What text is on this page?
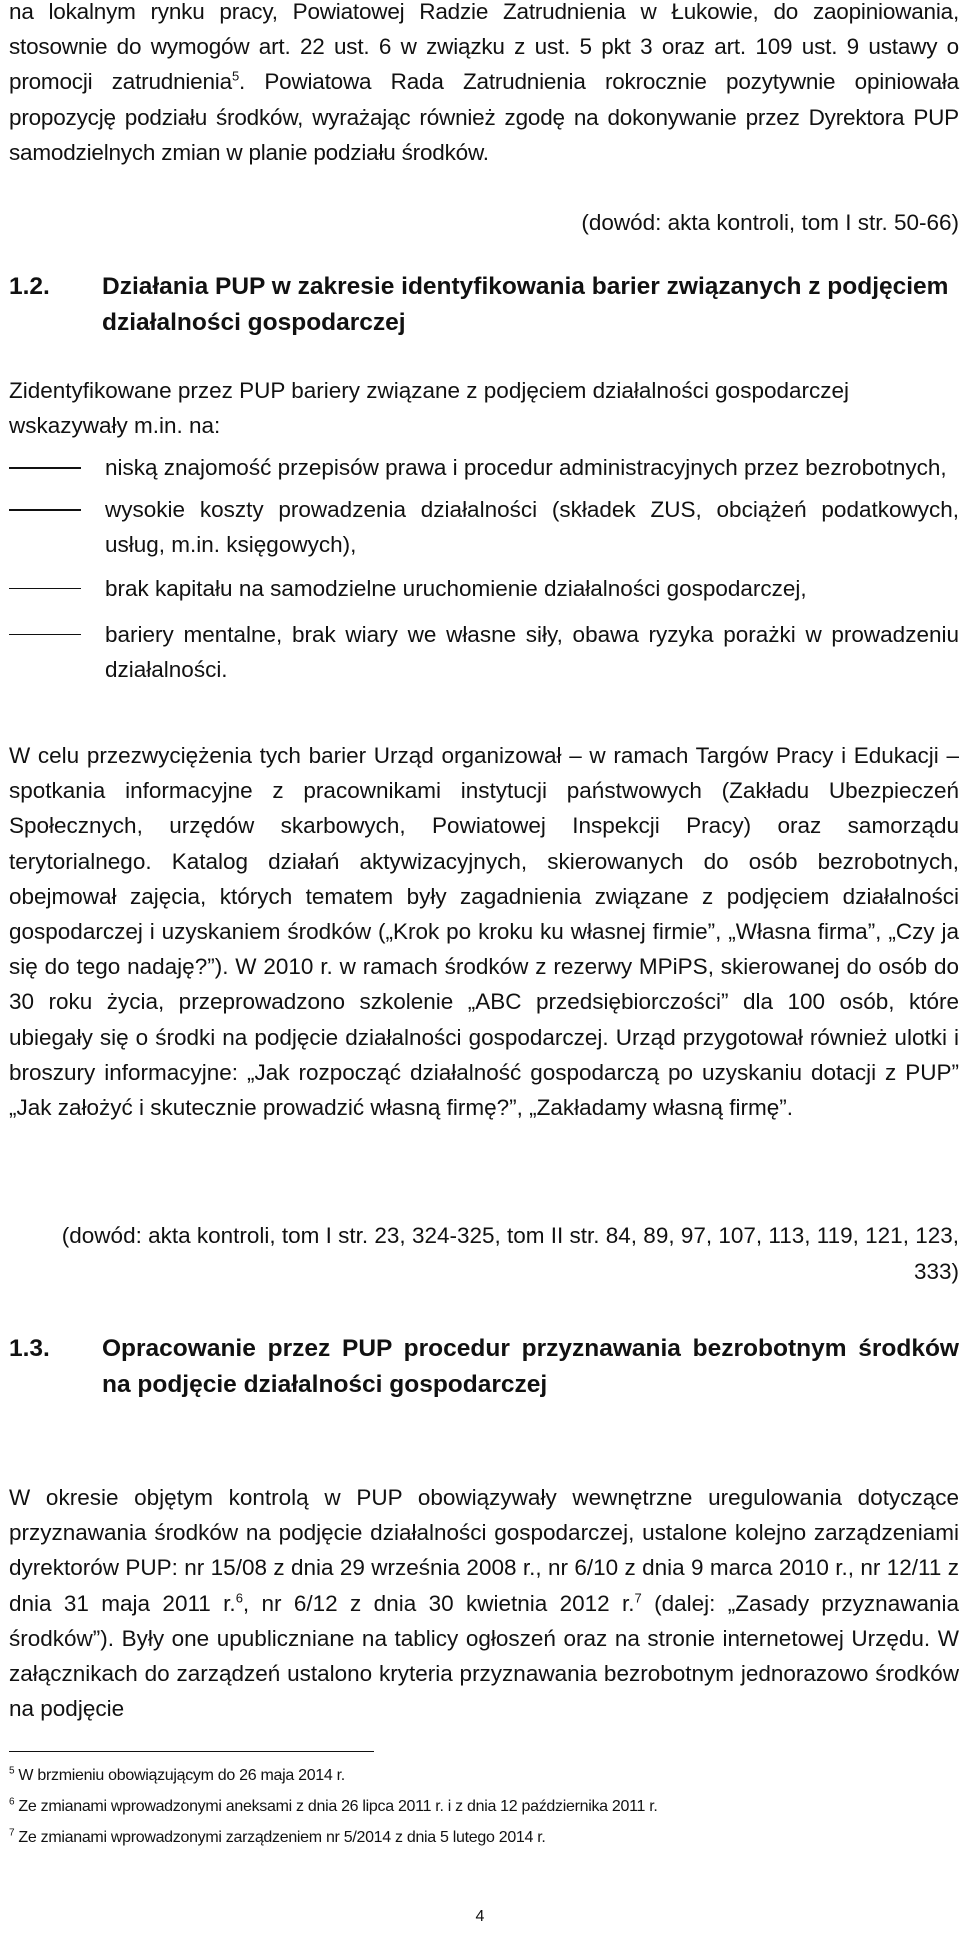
na lokalnym rynku pracy, Powiatowej Radzie Zatrudnienia w Łukowie, do zaopiniowania, stosownie do wymogów art. 22 ust. 6 w związku z ust. 5 pkt 3 oraz art. 109 ust. 9 ustawy o promocji zatrudnienia$^5$. Powiatowa Rada Zatrudnienia rokrocznie pozytywnie opiniowała propozycję podziału środków, wyrażając również zgodę na dokonywanie przez Dyrektora PUP samodzielnych zmian w planie podziału środków.

(dowód: akta kontroli, tom I str. 50-66)

1.2. Działania PUP w zakresie identyfikowania barier związanych z podjęciem działalności gospodarczej

Zidentyfikowane przez PUP bariery związane z podjęciem działalności gospodarczej wskazywały m.in. na:

niską znajomość przepisów prawa i procedur administracyjnych przez bezrobotnych,
wysokie koszty prowadzenia działalności (składek ZUS, obciążeń podatkowych, usług, m.in. księgowych),
brak kapitału na samodzielne uruchomienie działalności gospodarczej,
bariery mentalne, brak wiary we własne siły, obawa ryzyka porażki w prowadzeniu działalności.

W celu przezwyciężenia tych barier Urząd organizował – w ramach Targów Pracy i Edukacji – spotkania informacyjne z pracownikami instytucji państwowych (Zakładu Ubezpieczeń Społecznych, urzędów skarbowych, Powiatowej Inspekcji Pracy) oraz samorządu terytorialnego. Katalog działań aktywizacyjnych, skierowanych do osób bezrobotnych, obejmował zajęcia, których tematem były zagadnienia związane z podjęciem działalności gospodarczej i uzyskaniem środków („Krok po kroku ku własnej firmie”, „Własna firma”, „Czy ja się do tego nadaję?”). W 2010 r. w ramach środków z rezerwy MPiPS, skierowanej do osób do 30 roku życia, przeprowadzono szkolenie „ABC przedsiębiorczości” dla 100 osób, które ubiegały się o środki na podjęcie działalności gospodarczej. Urząd przygotował również ulotki i broszury informacyjne: „Jak rozpocząć działalność gospodarczą po uzyskaniu dotacji z PUP” „Jak założyć i skutecznie prowadzić własną firmę?”, „Zakładamy własną firmę”.

(dowód: akta kontroli, tom I str. 23, 324-325, tom II str. 84, 89, 97, 107, 113, 119, 121, 123, 333)

1.3. Opracowanie przez PUP procedur przyznawania bezrobotnym środków na podjęcie działalności gospodarczej

W okresie objętym kontrolą w PUP obowiązywały wewnętrzne uregulowania dotyczące przyznawania środków na podjęcie działalności gospodarczej, ustalone kolejno zarządzeniami dyrektorów PUP: nr 15/08 z dnia 29 września 2008 r., nr 6/10 z dnia 9 marca 2010 r., nr 12/11 z dnia 31 maja 2011 r.$^6$, nr 6/12 z dnia 30 kwietnia 2012 r.$^7$ (dalej: „Zasady przyznawania środków”). Były one upubliczniane na tablicy ogłoszeń oraz na stronie internetowej Urzędu. W załącznikach do zarządzeń ustalono kryteria przyznawania bezrobotnym jednorazowo środków na podjęcie

$^5$ W brzmieniu obowiązującym do 26 maja 2014 r.
$^6$ Ze zmianami wprowadzonymi aneksami z dnia 26 lipca 2011 r. i z dnia 12 października 2011 r.
$^7$ Ze zmianami wprowadzonymi zarządzeniem nr 5/2014 z dnia 5 lutego 2014 r.
4
